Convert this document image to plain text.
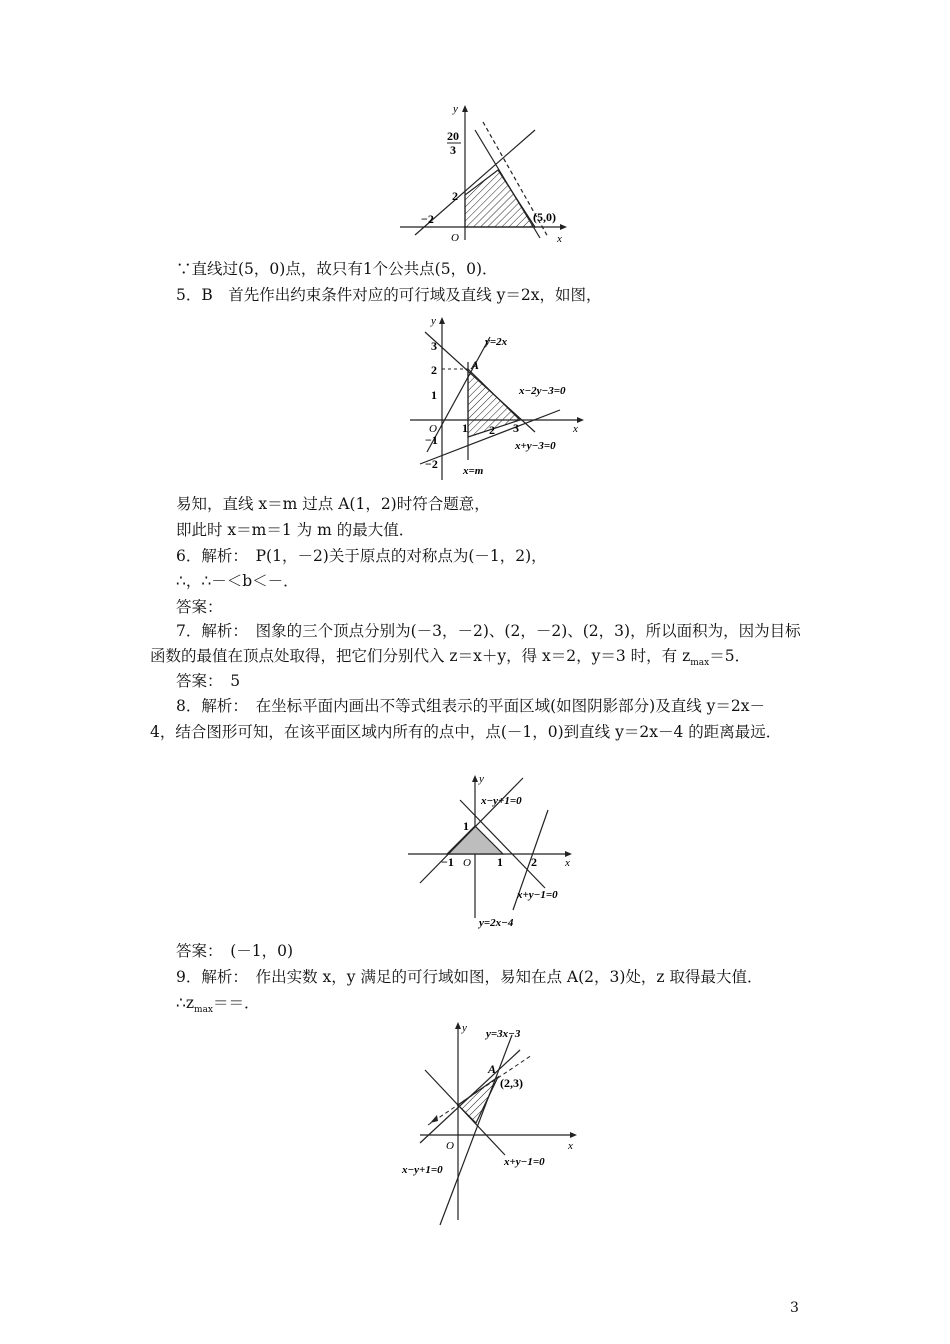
y
x
O
20
3
2
−2	(5,0)
∵直线过(5，0)点，故只有1个公共点(5，0)．
5．B　首先作出约束条件对应的可行域及直线 y＝2x，如图，
y
x
O
3
2
1
−1
−2
1 2 3
A
y=2x
x−2y−3=0
x+y−3=0
x=m
易知，直线 x＝m 过点 A(1，2)时符合题意，
即此时 x＝m＝1 为 m 的最大值．
6．解析：　P(1，－2)关于原点的对称点为(－1，2)，
∴，∴－＜b＜－．
答案：
7．解析：　图象的三个顶点分别为(－3，－2)、(2，－2)、(2，3)，所以面积为，因为目标
函数的最值在顶点处取得，把它们分别代入 z＝x＋y，得 x＝2，y＝3 时，有 $z_{max}=5$．
答案：　5
8．解析：　在坐标平面内画出不等式组表示的平面区域(如图阴影部分)及直线 y＝2x－
4，结合图形可知，在该平面区域内所有的点中，点(－1，0)到直线 y＝2x－4 的距离最远．
y
x
O
−1
1
1 2
x−y+1=0
x+y−1=0
y=2x−4
答案：　(－1，0)
9．解析：　作出实数 x，y 满足的可行域如图，易知在点 A(2，3)处，z 取得最大值．
$\therefore z_{max}==$．
y
x
O
A
(2,3)
y=3x−3
x−y+1=0
x+y−1=0
3
